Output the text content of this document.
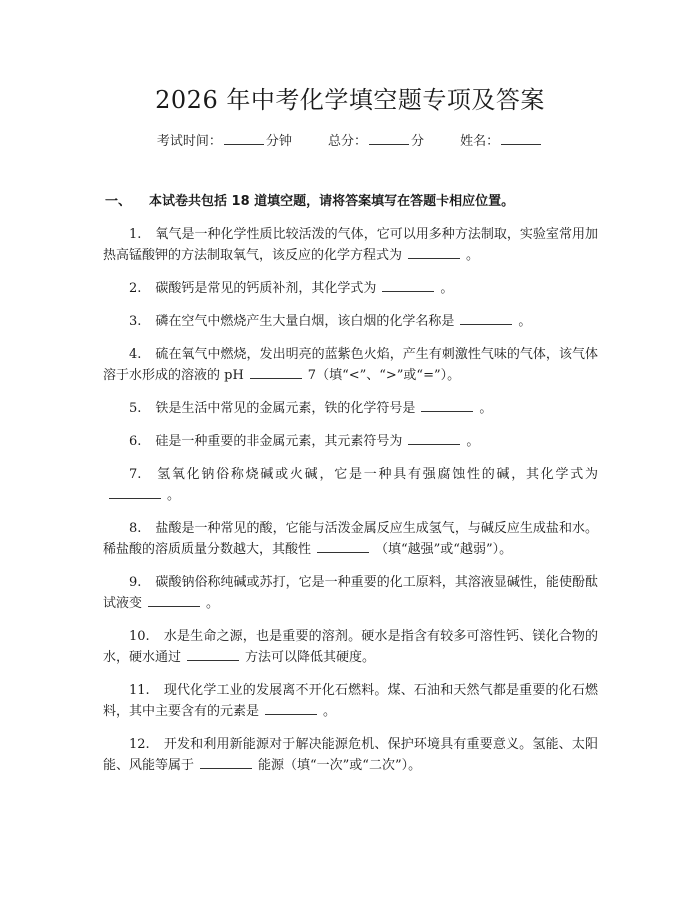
2026 年中考化学填空题专项及答案
考试时间：	分钟	总分：	分	姓名：
一、 本试卷共包括 18 道填空题，请将答案填写在答题卡相应位置。
1. 氧气是一种化学性质比较活泼的气体，它可以用多种方法制取，实验室常用加热高锰酸钾的方法制取氧气，该反应的化学方程式为	。
2. 碳酸钙是常见的钙质补剂，其化学式为	。
3. 磷在空气中燃烧产生大量白烟，该白烟的化学名称是	。
4. 硫在氧气中燃烧，发出明亮的蓝紫色火焰，产生有刺激性气味的气体，该气体溶于水形成的溶液的 pH	7（填“<”、“>”或“=”）。
5. 铁是生活中常见的金属元素，铁的化学符号是	。
6. 硅是一种重要的非金属元素，其元素符号为	。
7. 氢氧化钠俗称烧碱或火碱，它是一种具有强腐蚀性的碱，其化学式为。
8. 盐酸是一种常见的酸，它能与活泼金属反应生成氢气，与碱反应生成盐和水。稀盐酸的溶质质量分数越大，其酸性	（填“越强”或“越弱”）。
9. 碳酸钠俗称纯碱或苏打，它是一种重要的化工原料，其溶液显碱性，能使酚酞试液变	。
10. 水是生命之源，也是重要的溶剂。硬水是指含有较多可溶性钙、镁化合物的水，硬水通过	方法可以降低其硬度。
11. 现代化学工业的发展离不开化石燃料。煤、石油和天然气都是重要的化石燃料，其中主要含有的元素是	。
12. 开发和利用新能源对于解决能源危机、保护环境具有重要意义。氢能、太阳能、风能等属于	能源（填“一次”或“二次”）。
